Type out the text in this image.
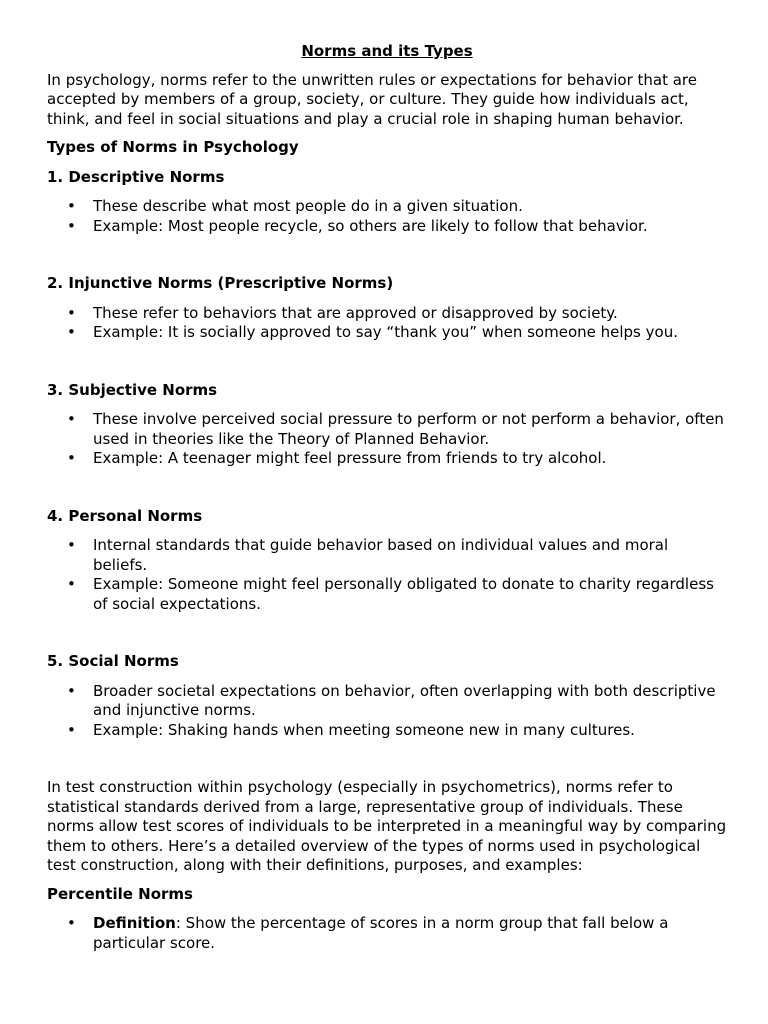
Norms and its Types

In psychology, norms refer to the unwritten rules or expectations for behavior that are accepted by members of a group, society, or culture. They guide how individuals act, think, and feel in social situations and play a crucial role in shaping human behavior.

Types of Norms in Psychology
1. Descriptive Norms
• These describe what most people do in a given situation.
• Example: Most people recycle, so others are likely to follow that behavior.
2. Injunctive Norms (Prescriptive Norms)
• These refer to behaviors that are approved or disapproved by society.
• Example: It is socially approved to say “thank you” when someone helps you.
3. Subjective Norms
• These involve perceived social pressure to perform or not perform a behavior, often used in theories like the Theory of Planned Behavior.
• Example: A teenager might feel pressure from friends to try alcohol.
4. Personal Norms
• Internal standards that guide behavior based on individual values and moral beliefs.
• Example: Someone might feel personally obligated to donate to charity regardless of social expectations.
5. Social Norms
• Broader societal expectations on behavior, often overlapping with both descriptive and injunctive norms.
• Example: Shaking hands when meeting someone new in many cultures.

In test construction within psychology (especially in psychometrics), norms refer to statistical standards derived from a large, representative group of individuals. These norms allow test scores of individuals to be interpreted in a meaningful way by comparing them to others. Here’s a detailed overview of the types of norms used in psychological test construction, along with their definitions, purposes, and examples:

Percentile Norms
• Definition: Show the percentage of scores in a norm group that fall below a particular score.
